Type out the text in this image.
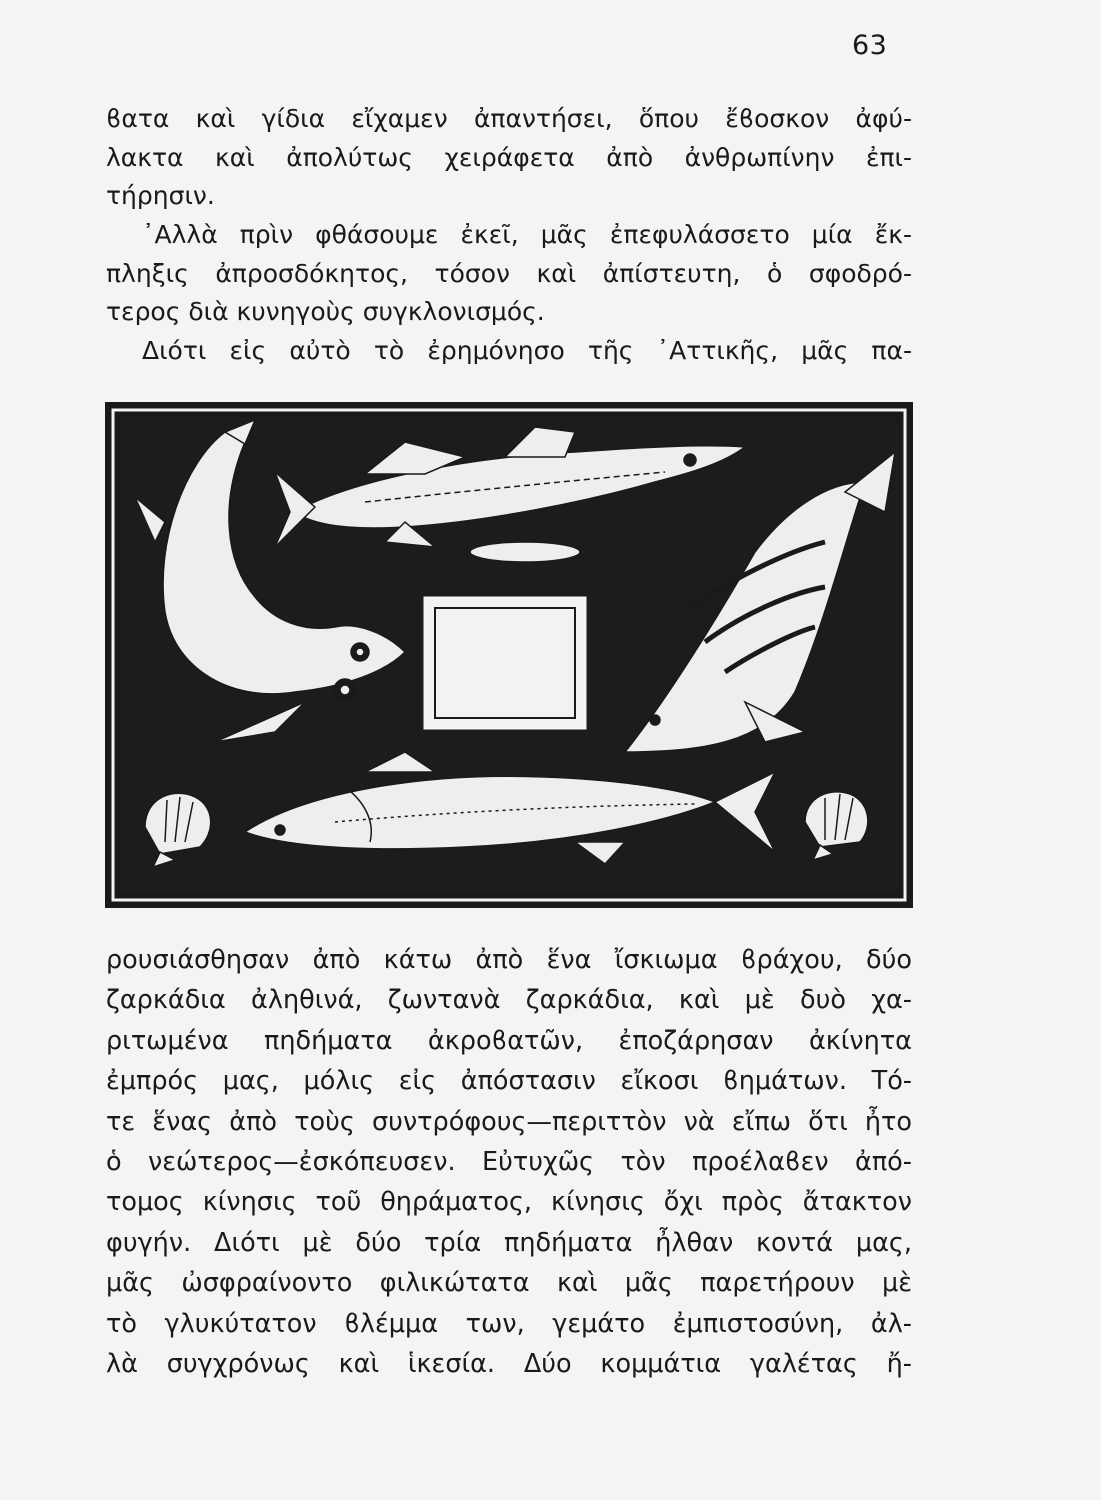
63
ϐατα καὶ γίδια εἴχαμεν ἀπαντήσει, ὅπου ἔϐοσκον ἀφύ-
λακτα καὶ ἀπολύτως χειράφετα ἀπὸ ἀνθρωπίνην ἐπι-
τήρησιν.
᾿Αλλὰ πρὶν φθάσουμε ἐκεῖ, μᾶς ἐπεφυλάσσετο μία ἔκ-
πληξις ἀπροσδόκητος, τόσον καὶ ἀπίστευτη, ὁ σφοδρό-
τερος διὰ κυνηγοὺς συγκλονισμός.
Διότι εἰς αὐτὸ τὸ ἐρημόνησο τῆς ᾿Αττικῆς, μᾶς πα-
ρουσιάσθησαν ἀπὸ κάτω ἀπὸ ἕνα ἴσκιωμα ϐράχου, δύο
ζαρκάδια ἀληθινά, ζωντανὰ ζαρκάδια, καὶ μὲ δυὸ χα-
ριτωμένα πηδήματα ἀκροϐατῶν, ἐποζάρησαν ἀκίνητα
ἐμπρός μας, μόλις εἰς ἀπόστασιν εἴκοσι ϐημάτων. Τό-
τε ἕνας ἀπὸ τοὺς συντρόφους—περιττὸν νὰ εἴπω ὅτι ἦτο
ὁ νεώτερος—ἐσκόπευσεν. Εὐτυχῶς τὸν προέλαϐεν ἀπό-
τομος κίνησις τοῦ θηράματος, κίνησις ὄχι πρὸς ἄτακτον
φυγήν. Διότι μὲ δύο τρία πηδήματα ἦλθαν κοντά μας,
μᾶς ὠσφραίνοντο φιλικώτατα καὶ μᾶς παρετήρουν μὲ
τὸ γλυκύτατον ϐλέμμα των, γεμάτο ἐμπιστοσύνη, ἀλ-
λὰ συγχρόνως καὶ ἱκεσία. Δύο κομμάτια γαλέτας ἤ-
